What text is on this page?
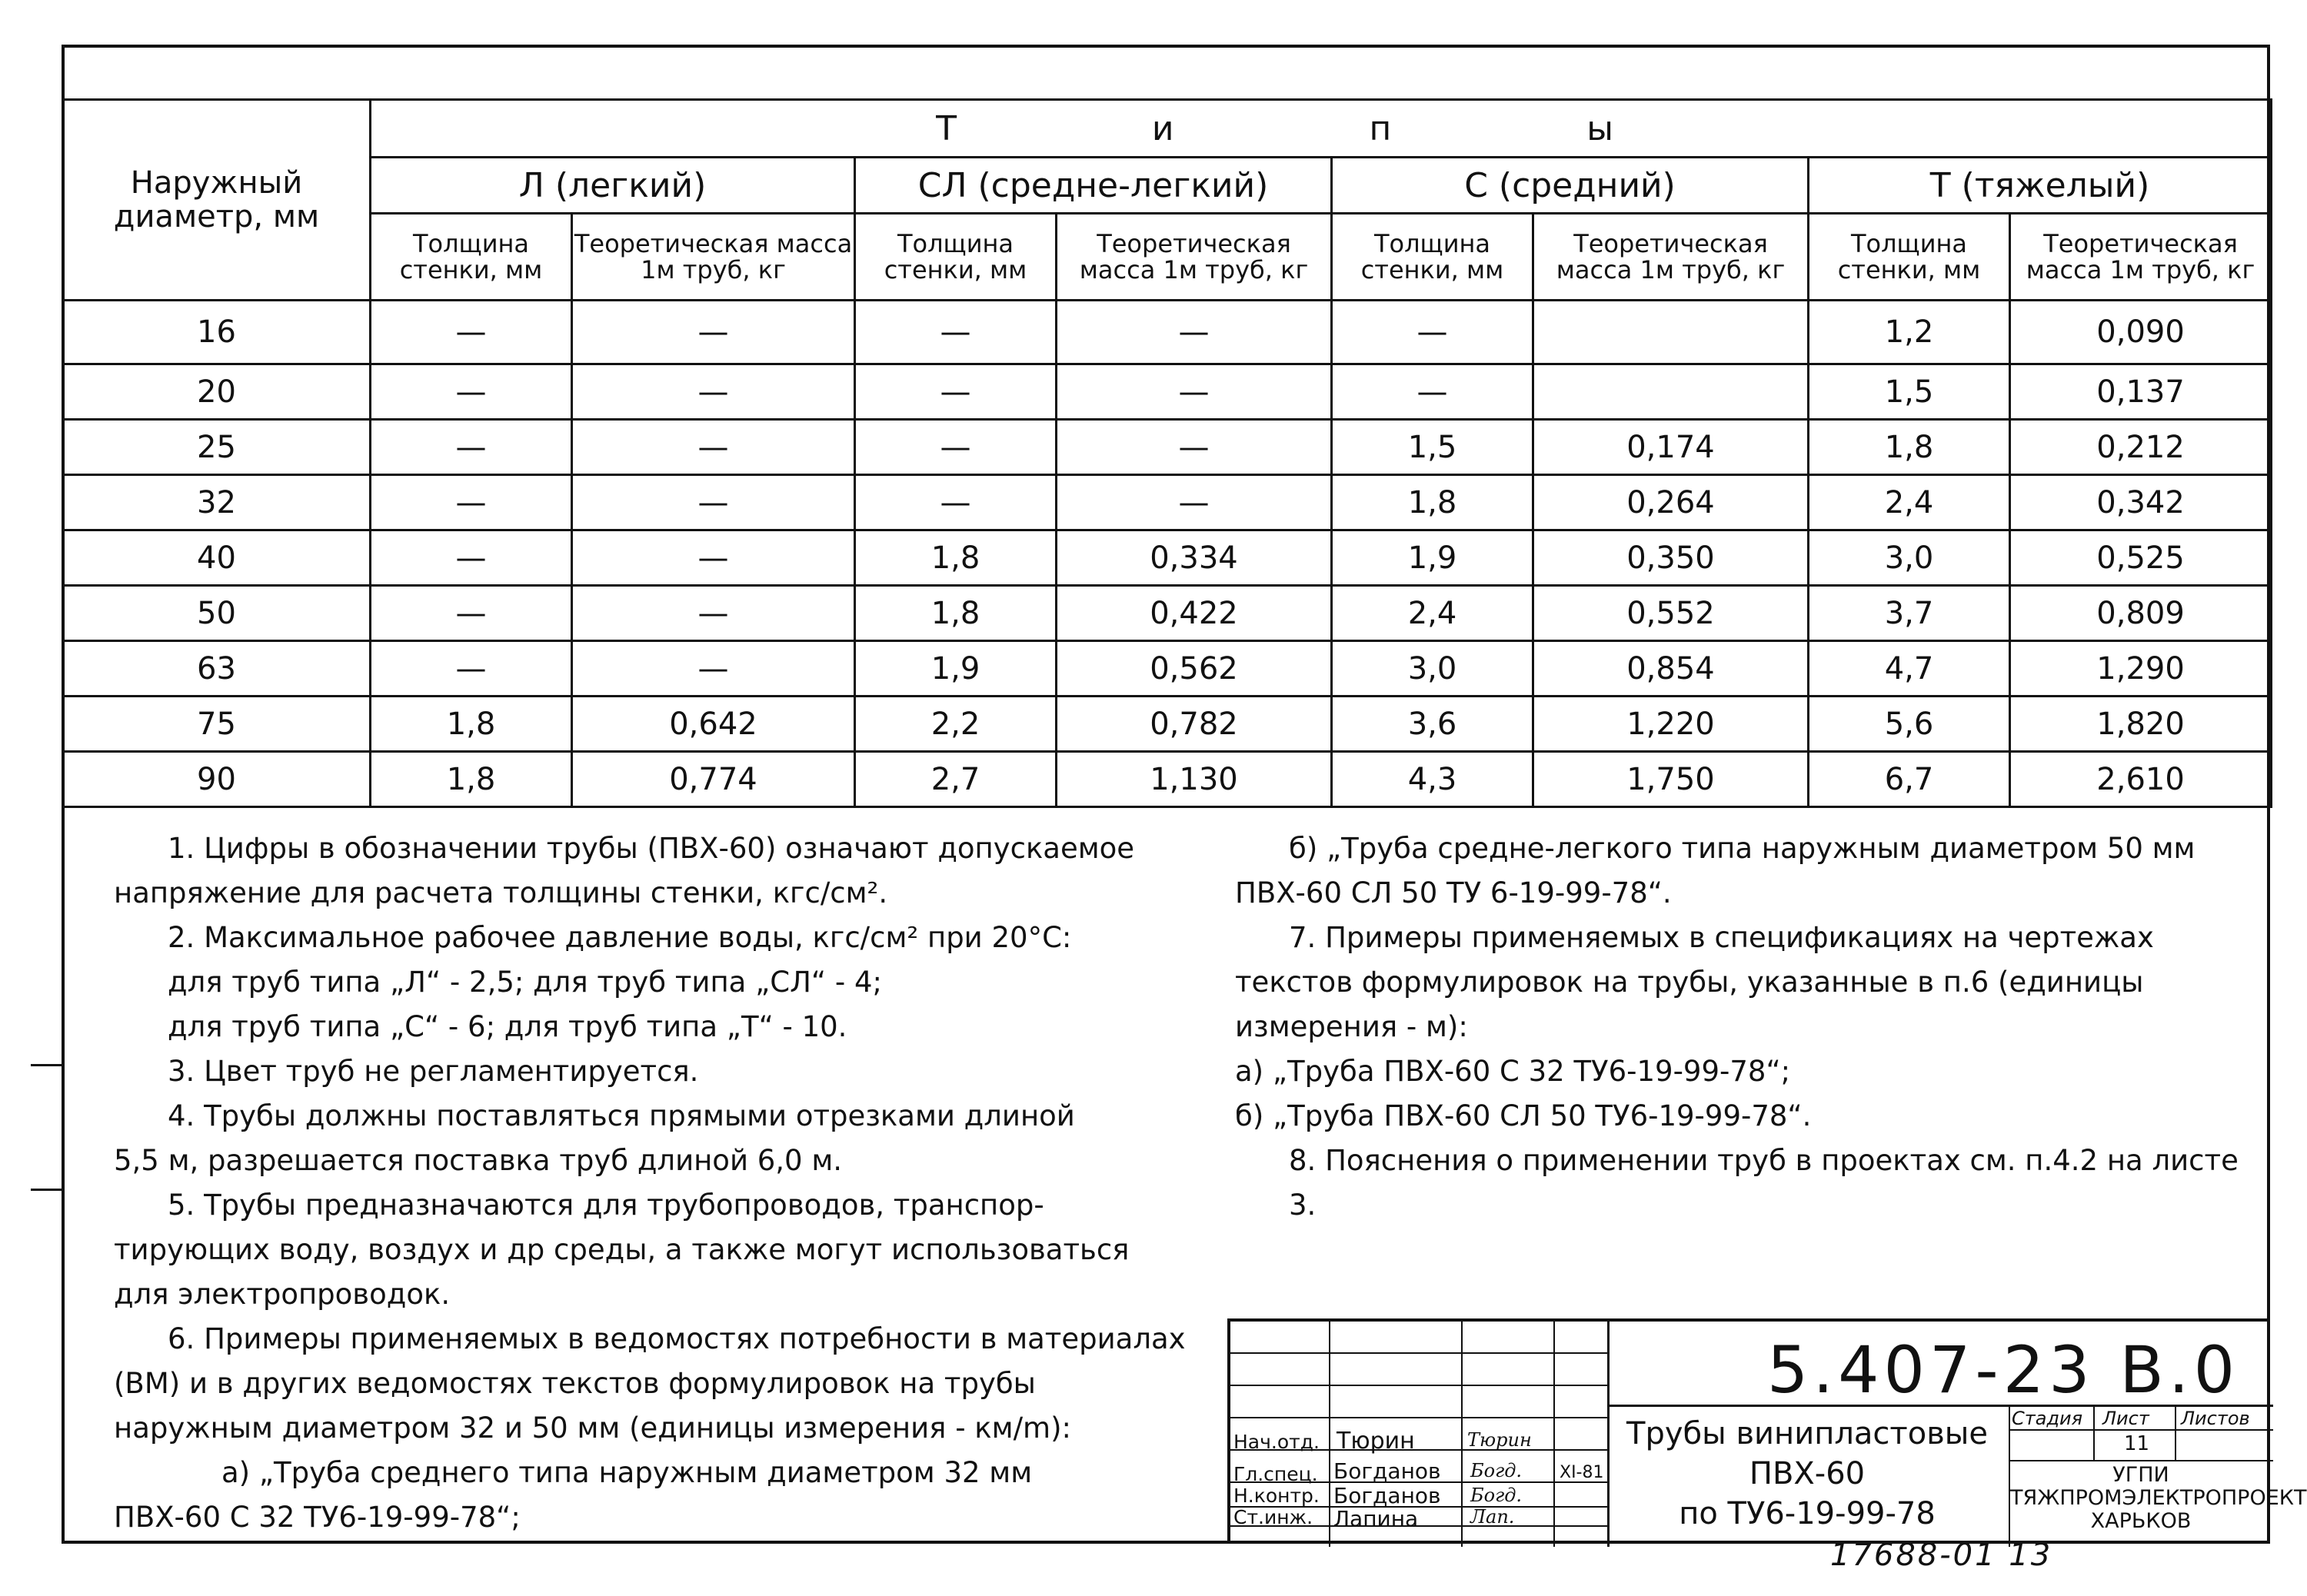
Наружный диаметр, мм	Т и п ы							
	Л (легкий)		СЛ (средне-легкий)		С (средний)		Т (тяжелый)	
	Толщина стенки, мм	Теоретическая масса 1м труб, кг	Толщина стенки, мм	Теоретическая масса 1м труб, кг	Толщина стенки, мм	Теоретическая масса 1м труб, кг	Толщина стенки, мм	Теоретическая масса 1м труб, кг
16	—	—	—	—	—		1,2	0,090
20	—	—	—	—	—		1,5	0,137
25	—	—	—	—	1,5	0,174	1,8	0,212
32	—	—	—	—	1,8	0,264	2,4	0,342
40	—	—	1,8	0,334	1,9	0,350	3,0	0,525
50	—	—	1,8	0,422	2,4	0,552	3,7	0,809
63	—	—	1,9	0,562	3,0	0,854	4,7	1,290
75	1,8	0,642	2,2	0,782	3,6	1,220	5,6	1,820
90	1,8	0,774	2,7	1,130	4,3	1,750	6,7	2,610

1. Цифры в обозначении трубы (ПВХ-60) означают допускаемое

напряжение для расчета толщины стенки, кгс/см².

2. Максимальное рабочее давление воды, кгс/см² при 20°С:

для труб типа „Л“ - 2,5; для труб типа „СЛ“ - 4;

для труб типа „С“ - 6; для труб типа „Т“ - 10.

3. Цвет труб не регламентируется.

4. Трубы должны поставляться прямыми отрезками длиной

5,5 м, разрешается поставка труб длиной 6,0 м.

5. Трубы предназначаются для трубопроводов, транспор-

тирующих воду, воздух и др среды, а также могут использоваться

для электропроводок.

6. Примеры применяемых в ведомостях потребности в материалах

(ВМ) и в других ведомостях текстов формулировок на трубы

наружным диаметром 32 и 50 мм (единицы измерения - км/m):

а) „Труба среднего типа наружным диаметром 32 мм

ПВХ-60 С 32 ТУ6-19-99-78“;

б) „Труба средне-легкого типа наружным диаметром 50 мм

ПВХ-60 СЛ 50 ТУ 6-19-99-78“.

7. Примеры применяемых в спецификациях на чертежах

текстов формулировок на трубы, указанные в п.6 (единицы

измерения - м):

а) „Труба ПВХ-60 С 32 ТУ6-19-99-78“;

б) „Труба ПВХ-60 СЛ 50 ТУ6-19-99-78“.

8. Пояснения о применении труб в проектах см. п.4.2 на листе 3.

5.407-23 В.0
Трубы винипластовые
ПВХ-60
по ТУ6-19-99-78
Стадия Лист Листов
11
УГПИ
ТЯЖПРОМЭЛЕКТРОПРОЕКТ
ХАРЬКОВ
Нач.отд.
Гл.спец.
Н.контр.
Ст.инж.
Тюрин
Богданов
Богданов
Лапина
Тюрин
Богд.
Богд.
Лап.
XI-81
17688-01 13
